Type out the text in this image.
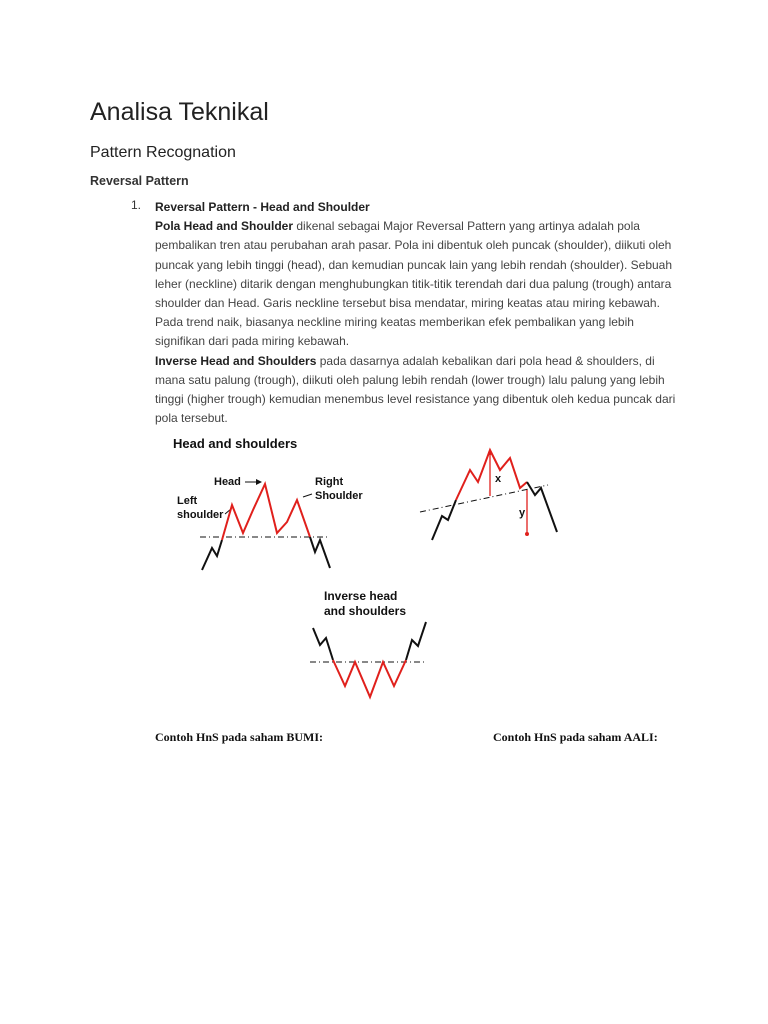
Analisa Teknikal
Pattern Recognation
Reversal Pattern
1. Reversal Pattern - Head and Shoulder

Pola Head and Shoulder dikenal sebagai Major Reversal Pattern yang artinya adalah pola pembalikan tren atau perubahan arah pasar. Pola ini dibentuk oleh puncak (shoulder), diikuti oleh puncak yang lebih tinggi (head), dan kemudian puncak lain yang lebih rendah (shoulder). Sebuah leher (neckline) ditarik dengan menghubungkan titik-titik terendah dari dua palung (trough) antara shoulder dan Head. Garis neckline tersebut bisa mendatar, miring keatas atau miring kebawah. Pada trend naik, biasanya neckline miring keatas memberikan efek pembalikan yang lebih signifikan dari pada miring kebawah.

Inverse Head and Shoulders pada dasarnya adalah kebalikan dari pola head & shoulders, di mana satu palung (trough), diikuti oleh palung lebih rendah (lower trough) lalu palung yang lebih tinggi (higher trough) kemudian menembus level resistance yang dibentuk oleh kedua puncak dari pola tersebut.

Head and shoulders
Head
Left
shoulder
Right
Shoulder
x
y
Inverse head
and shoulders
Contoh HnS pada saham BUMI:	Contoh HnS pada saham AALI:
